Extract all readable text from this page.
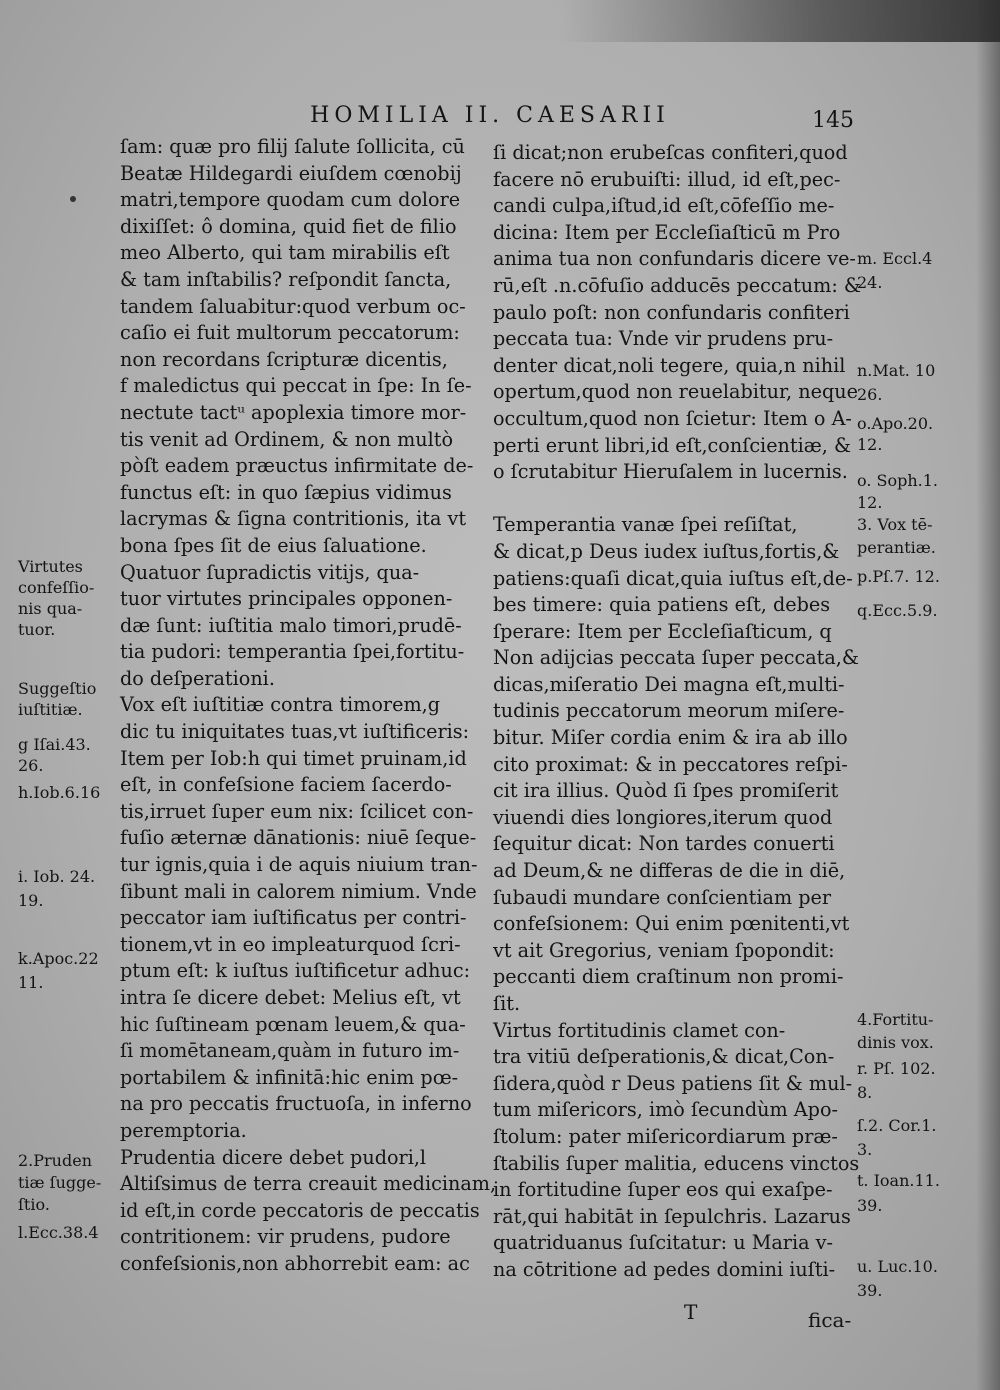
HOMILIA II. CAESARII	145
ſam: quæ pro filij ſalute ſollicita, cū
Beatæ Hildegardi eiuſdem cœnobij
matri,tempore quodam cum dolore
dixiſſet: ô domina, quid fiet de filio
meo Alberto, qui tam mirabilis eſt
& tam inſtabilis? reſpondit ſancta,
tandem ſaluabitur:quod verbum oc-
caſio ei fuit multorum peccatorum:
non recordans ſcripturæ dicentis,
f maledictus qui peccat in ſpe: In ſe-
nectute tactᵘ apoplexia timore mor-
tis venit ad Ordinem, & non multò
pòſt eadem præuctus infirmitate de-
functus eſt: in quo ſæpius vidimus
lacrymas & ſigna contritionis, ita vt
bona ſpes ſit de eius ſaluatione.
Quatuor ſupradictis vitijs, qua-
tuor virtutes principales opponen-
dæ ſunt: iuſtitia malo timori,prudē-
tia pudori: temperantia ſpei,fortitu-
do deſperationi.
Vox eſt iuſtitiæ contra timorem,g
dic tu iniquitates tuas,vt iuſtificeris:
Item per Iob:h qui timet pruinam,id
eſt, in confeſsione faciem ſacerdo-
tis,irruet ſuper eum nix: ſcilicet con-
fuſio æternæ dānationis: niuē ſeque-
tur ignis,quia i de aquis niuium tran-
ſibunt mali in calorem nimium. Vnde
peccator iam iuſtificatus per contri-
tionem,vt in eo impleaturquod ſcri-
ptum eſt: k iuſtus iuſtificetur adhuc:
intra ſe dicere debet: Melius eſt, vt
hic ſuſtineam pœnam leuem,& qua-
ſi momētaneam,quàm in futuro im-
portabilem & infinitā:hic enim pœ-
na pro peccatis fructuoſa, in inferno
peremptoria.
Prudentia dicere debet pudori,l
Altiſsimus de terra creauit medicinam,
id eſt,in corde peccatoris de peccatis
contritionem: vir prudens, pudore
confeſsionis,non abhorrebit eam: ac
ſi dicat;non erubeſcas confiteri,quod
facere nō erubuiſti: illud, id eſt,pec-
candi culpa,iſtud,id eſt,cōfeſſio me-
dicina: Item per Eccleſiaſticū m Pro
anima tua non confundaris dicere ve-
rū,eſt .n.cōfuſio adducēs peccatum: &
paulo poſt: non confundaris confiteri
peccata tua: Vnde vir prudens pru-
denter dicat,noli tegere, quia,n nihil
opertum,quod non reuelabitur, neque
occultum,quod non ſcietur: Item o A-
perti erunt libri,id eſt,conſcientiæ, &
o ſcrutabitur Hieruſalem in lucernis.
Temperantia vanæ ſpei reſiſtat,
& dicat,p Deus iudex iuſtus,fortis,&
patiens:quaſi dicat,quia iuſtus eſt,de-
bes timere: quia patiens eſt, debes
ſperare: Item per Eccleſiaſticum, q
Non adijcias peccata ſuper peccata,&
dicas,miſeratio Dei magna eſt,multi-
tudinis peccatorum meorum miſere-
bitur. Miſer cordia enim & ira ab illo
cito proximat: & in peccatores reſpi-
cit ira illius. Quòd ſi ſpes promiſerit
viuendi dies longiores,iterum quod
ſequitur dicat: Non tardes conuerti
ad Deum,& ne differas de die in diē,
ſubaudi mundare conſcientiam per
confeſsionem: Qui enim pœnitenti,vt
vt ait Gregorius, veniam ſpopondit:
peccanti diem craſtinum non promi-
ſit.
Virtus fortitudinis clamet con-
tra vitiū deſperationis,& dicat,Con-
ſidera,quòd r Deus patiens ſit & mul-
tum miſericors, imò ſecundùm Apo-
ſtolum: pater miſericordiarum præ-
ſtabilis ſuper malitia, educens vinctos
in fortitudine ſuper eos qui exaſpe-
rāt,qui habitāt in ſepulchris. Lazarus
quatriduanus ſuſcitatur: u Maria v-
na cōtritione ad pedes domini iuſti-
Virtutes
confeſſio-
nis qua-
tuor.
Suggeſtio
iuſtitiæ.
g Iſai.43.
26.
h.Iob.6.16
i. Iob. 24.
19.
k.Apoc.22
11.
2.Pruden
tiæ ſugge-
ſtio.
l.Ecc.38.4
m. Eccl.4
24.
n.Mat. 10
26.
o.Apo.20.
12.
o. Soph.1.
12.
3. Vox tē-
perantiæ.
p.Pſ.7. 12.
q.Ecc.5.9.
4.Fortitu-
dinis vox.
r. Pſ. 102.
8.
ſ.2. Cor.1.
3.
t. Ioan.11.
39.
u. Luc.10.
39.
T	fica-
